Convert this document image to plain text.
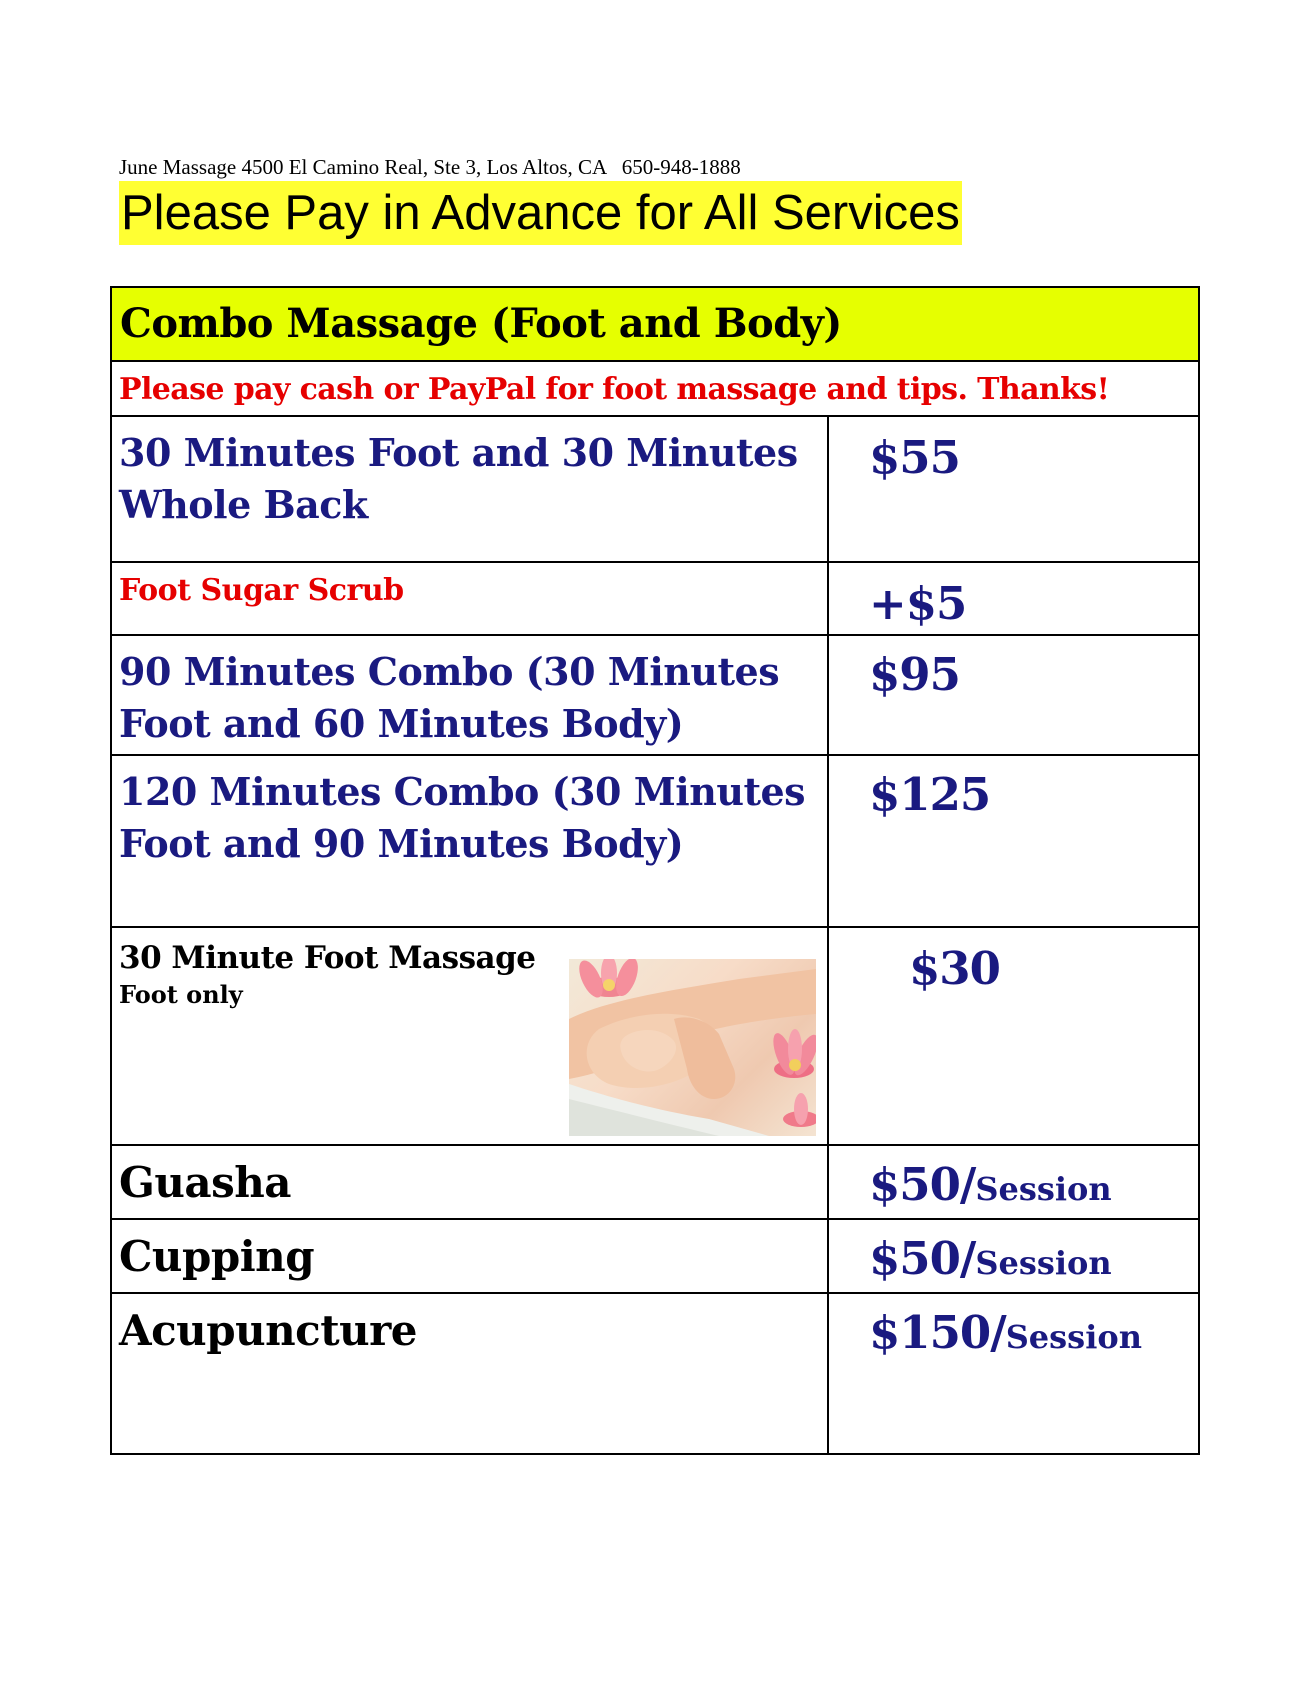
June Massage 4500 El Camino Real, Ste 3, Los Altos, CA   650-948-1888
Please Pay in Advance for All Services
Combo Massage (Foot and Body)	

Please pay cash or PayPal for foot massage and tips. Thanks!	

30 Minutes Foot and 30 Minutes
Whole Back	$55

Foot Sugar Scrub	+$5

90 Minutes Combo (30 Minutes
Foot and 60 Minutes Body)	$95

120 Minutes Combo (30 Minutes
Foot and 90 Minutes Body)	$125

30 Minute Foot Massage
Foot only	$30

Guasha	$50/Session

Cupping	$50/Session

Acupuncture	$150/Session
